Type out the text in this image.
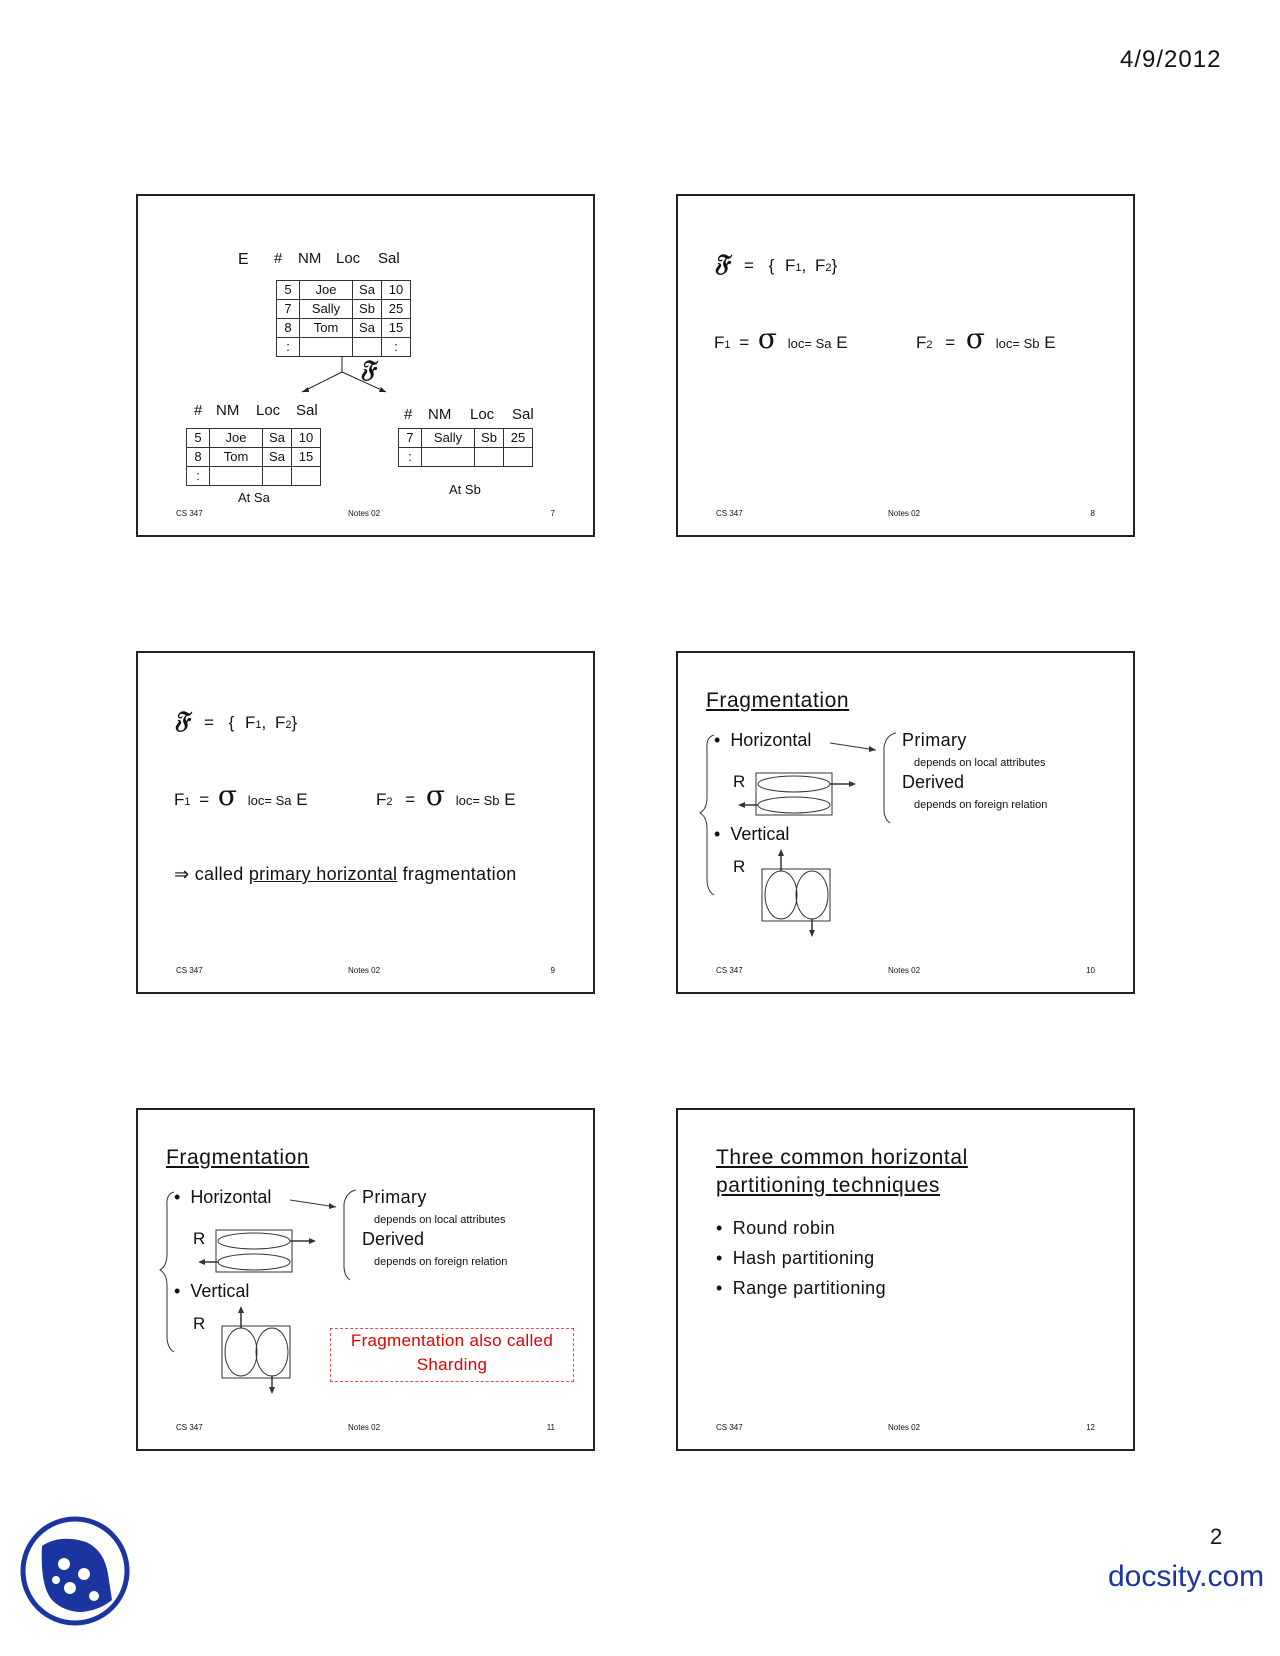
4/9/2012
E # NM Loc Sal
5	Joe	Sa	10
7	Sally	Sb	25
8	Tom	Sa	15
:			:
𝔉
# NM Loc Sal
5	Joe	Sa	10
8	Tom	Sa	15
:			
At Sa
# NM Loc Sal
7	Sally	Sb	25
:			
At Sb
CS 347	Notes 02	7
𝔉 = { F1, F2}
F1 = σ loc= Sa E	F2 = σ loc= Sb E
CS 347	Notes 02	8
𝔉 = { F1, F2}
F1 = σ loc= Sa E	F2 = σ loc= Sb E
⇒ called primary horizontal fragmentation
CS 347	Notes 02	9
Fragmentation
• Horizontal	Primary
depends on local attributes
R	Derived
depends on foreign relation
• Vertical
R
CS 347	Notes 02	10
Fragmentation
• Horizontal	Primary
depends on local attributes
R	Derived
depends on foreign relation
• Vertical
R
Fragmentation also called
Sharding
CS 347	Notes 02	11
Three common horizontal
partitioning techniques
• Round robin
• Hash partitioning
• Range partitioning
CS 347	Notes 02	12
2
docsity.com
